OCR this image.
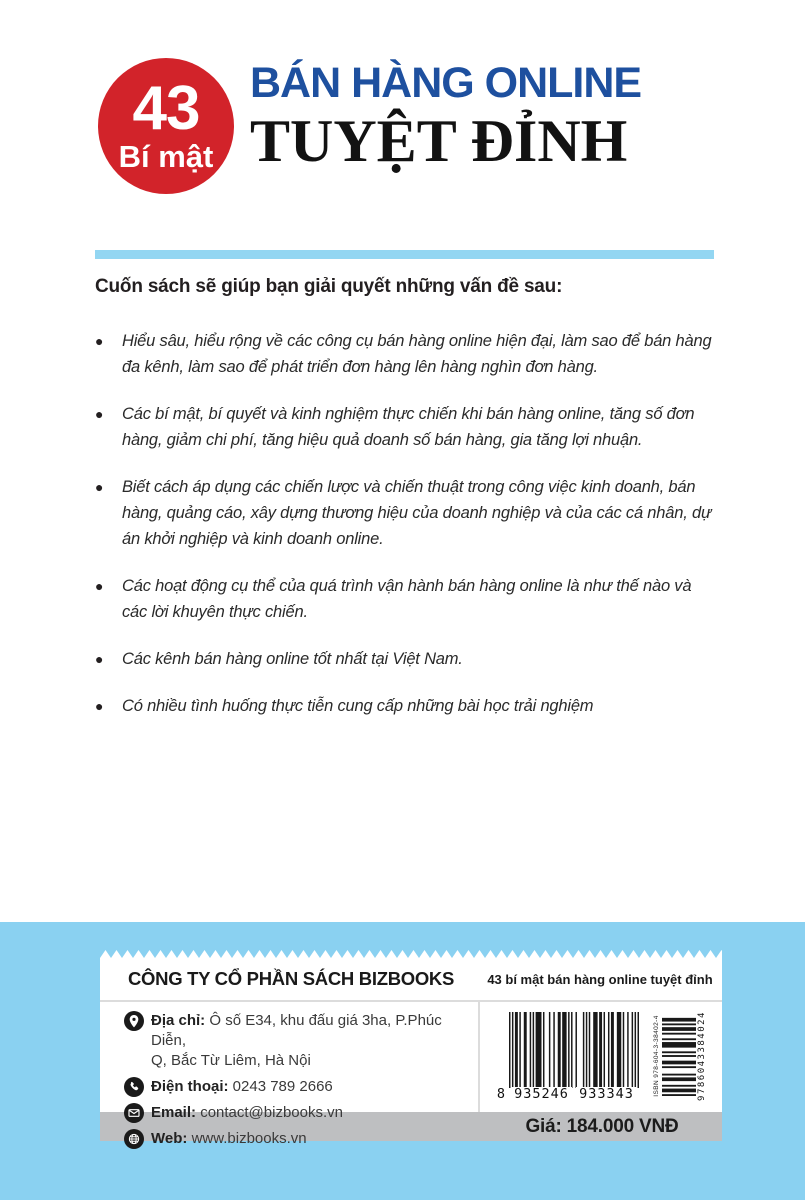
43
Bí mật
BÁN HÀNG ONLINE
TUYỆT ĐỈNH
Cuốn sách sẽ giúp bạn giải quyết những vấn đề sau:
● Hiểu sâu, hiểu rộng về các công cụ bán hàng online hiện đại, làm sao để bán hàng đa kênh, làm sao để phát triển đơn hàng lên hàng nghìn đơn hàng.
● Các bí mật, bí quyết và kinh nghiệm thực chiến khi bán hàng online, tăng số đơn hàng, giảm chi phí, tăng hiệu quả doanh số bán hàng, gia tăng lợi nhuận.
● Biết cách áp dụng các chiến lược và chiến thuật trong công việc kinh doanh, bán hàng, quảng cáo, xây dựng thương hiệu của doanh nghiệp và của các cá nhân, dự án khởi nghiệp và kinh doanh online.
● Các hoạt động cụ thể của quá trình vận hành bán hàng online là như thế nào và các lời khuyên thực chiến.
● Các kênh bán hàng online tốt nhất tại Việt Nam.
● Có nhiều tình huống thực tiễn cung cấp những bài học trải nghiệm
CÔNG TY CỔ PHẦN SÁCH BIZBOOKS	43 bí mật bán hàng online tuyệt đỉnh
Địa chỉ: Ô số E34, khu đấu giá 3ha, P.Phúc Diễn,
Q, Bắc Từ Liêm, Hà Nội
Điện thoại: 0243 789 2666
Email: contact@bizbooks.vn
Web: www.bizbooks.vn
8 935246 933343	ISBN 978-604-3-38402-4	9786043384024
Giá: 184.000 VNĐ
